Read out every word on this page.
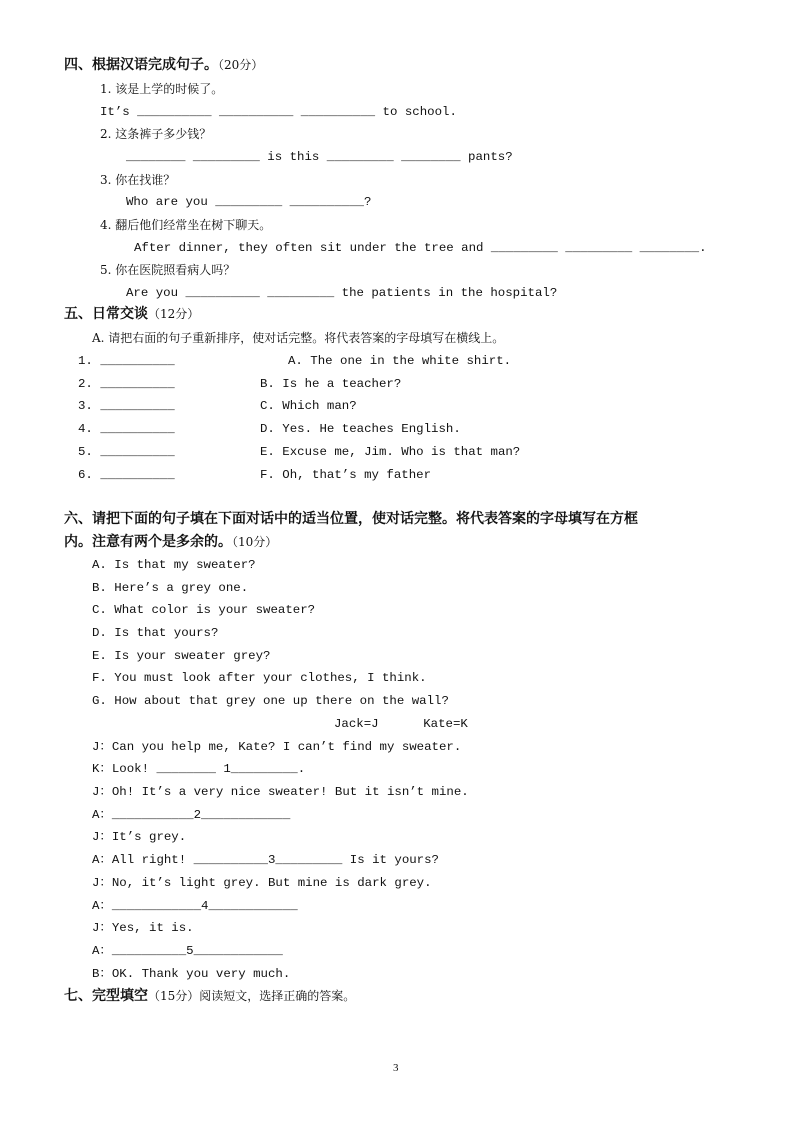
四、根据汉语完成句子。（20分）
1. 该是上学的时候了。
It’s __________ __________ __________ to school.
2. 这条裤子多少钱？
________ _________ is this _________ ________ pants?
3. 你在找谁？
Who are you _________ __________?
4. 翻后他们经常坐在树下聊天。
After dinner, they often sit under the tree and _________ _________ ________.
5. 你在医院照看病人吗？
Are you __________ _________ the patients in the hospital?
五、日常交谈（12分）
A. 请把右面的句子重新排序，使对话完整。将代表答案的字母填写在横线上。
1. __________	A. The one in the white shirt.
2. __________	B. Is he a teacher?
3. __________	C. Which man?
4. __________	D. Yes. He teaches English.
5. __________	E. Excuse me, Jim. Who is that man?
6. __________	F. Oh, that’s my father
六、请把下面的句子填在下面对话中的适当位置，使对话完整。将代表答案的字母填写在方框
内。注意有两个是多余的。（10分）
A. Is that my sweater?
B. Here’s a grey one.
C. What color is your sweater?
D. Is that yours?
E. Is your sweater grey?
F. You must look after your clothes, I think.
G. How about that grey one up there on the wall?
Jack=J      Kate=K
J：Can you help me, Kate? I can’t find my sweater.
K：Look! ________ 1_________.
J：Oh! It’s a very nice sweater! But it isn’t mine.
A：___________2____________
J：It’s grey.
A：All right! __________3_________ Is it yours?
J：No, it’s light grey. But mine is dark grey.
A：____________4____________
J：Yes, it is.
A：__________5____________
B：OK. Thank you very much.
七、完型填空（15分）阅读短文，选择正确的答案。
3
